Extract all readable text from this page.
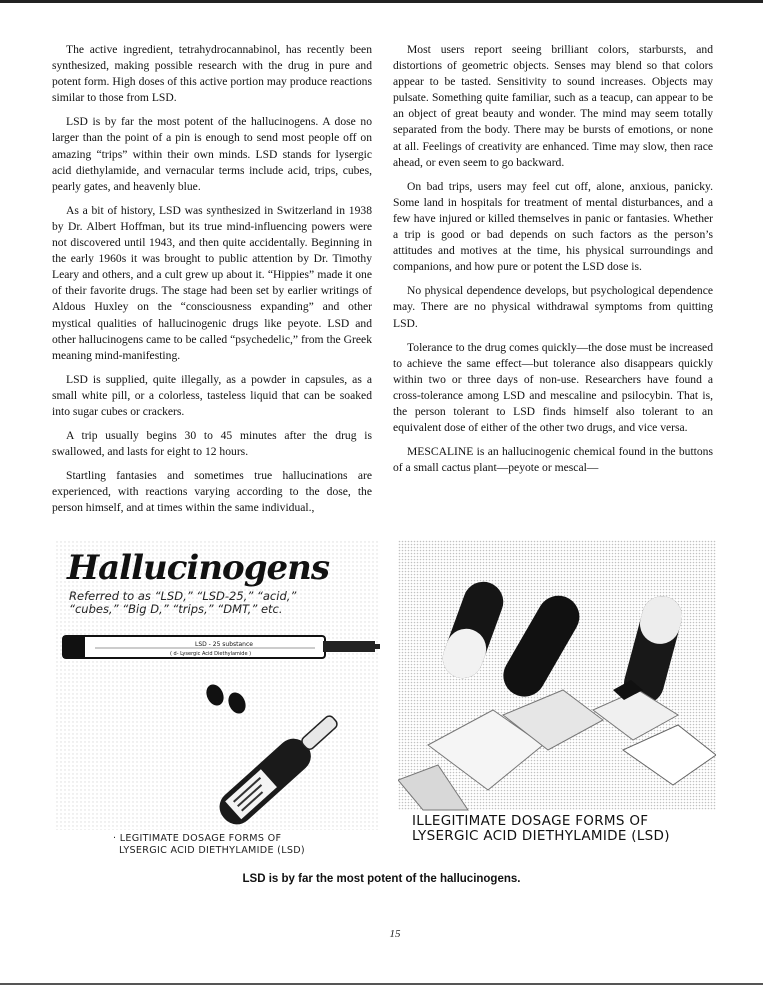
The active ingredient, tetrahydrocannabinol, has recently been synthesized, making possible research with the drug in pure and potent form. High doses of this active portion may produce reactions similar to those from LSD.

LSD is by far the most potent of the hallucinogens. A dose no larger than the point of a pin is enough to send most people off on amazing “trips” within their own minds. LSD stands for lysergic acid diethylamide, and vernacular terms include acid, trips, cubes, pearly gates, and heavenly blue.

As a bit of history, LSD was synthesized in Switzerland in 1938 by Dr. Albert Hoffman, but its true mind-influencing powers were not discovered until 1943, and then quite accidentally. Beginning in the early 1960s it was brought to public attention by Dr. Timothy Leary and others, and a cult grew up about it. “Hippies” made it one of their favorite drugs. The stage had been set by earlier writings of Aldous Huxley on the “consciousness expanding” and other mystical qualities of hallucinogenic drugs like peyote. LSD and other hallucinogens came to be called “psychedelic,” from the Greek meaning mind-manifesting.

LSD is supplied, quite illegally, as a powder in capsules, as a small white pill, or a colorless, tasteless liquid that can be soaked into sugar cubes or crackers.

A trip usually begins 30 to 45 minutes after the drug is swallowed, and lasts for eight to 12 hours.

Startling fantasies and sometimes true hallucinations are experienced, with reactions varying according to the dose, the person himself, and at times within the same individual.,

Most users report seeing brilliant colors, starbursts, and distortions of geometric objects. Senses may blend so that colors appear to be tasted. Sensitivity to sound increases. Objects may pulsate. Something quite familiar, such as a teacup, can appear to be an object of great beauty and wonder. The mind may seem totally separated from the body. There may be bursts of emotions, or none at all. Feelings of creativity are enhanced. Time may slow, then race ahead, or even seem to go backward.

On bad trips, users may feel cut off, alone, anxious, panicky. Some land in hospitals for treatment of mental disturbances, and a few have injured or killed themselves in panic or fantasies. Whether a trip is good or bad depends on such factors as the person’s attitudes and motives at the time, his physical surroundings and companions, and how pure or potent the LSD dose is.

No physical dependence develops, but psychological dependence may. There are no physical withdrawal symptoms from quitting LSD.

Tolerance to the drug comes quickly—the dose must be increased to achieve the same effect—but tolerance also disappears quickly within two or three days of non-use. Researchers have found a cross-tolerance among LSD and mescaline and psilocybin. That is, the person tolerant to LSD finds himself also tolerant to an equivalent dose of either of the other two drugs, and vice versa.

MESCALINE is an hallucinogenic chemical found in the buttons of a small cactus plant—peyote or mescal—

LSD - 25 substance
( d- Lysergic Acid Diethylamide )
Hallucinogens
Referred to as “LSD,” “LSD-25,” “acid,”
“cubes,” “Big D,” “trips,” “DMT,” etc.
· LEGITIMATE DOSAGE FORMS OF
LYSERGIC ACID DIETHYLAMIDE (LSD)
ILLEGITIMATE DOSAGE FORMS OF
LYSERGIC ACID DIETHYLAMIDE (LSD)
LSD is by far the most potent of the hallucinogens.
15
